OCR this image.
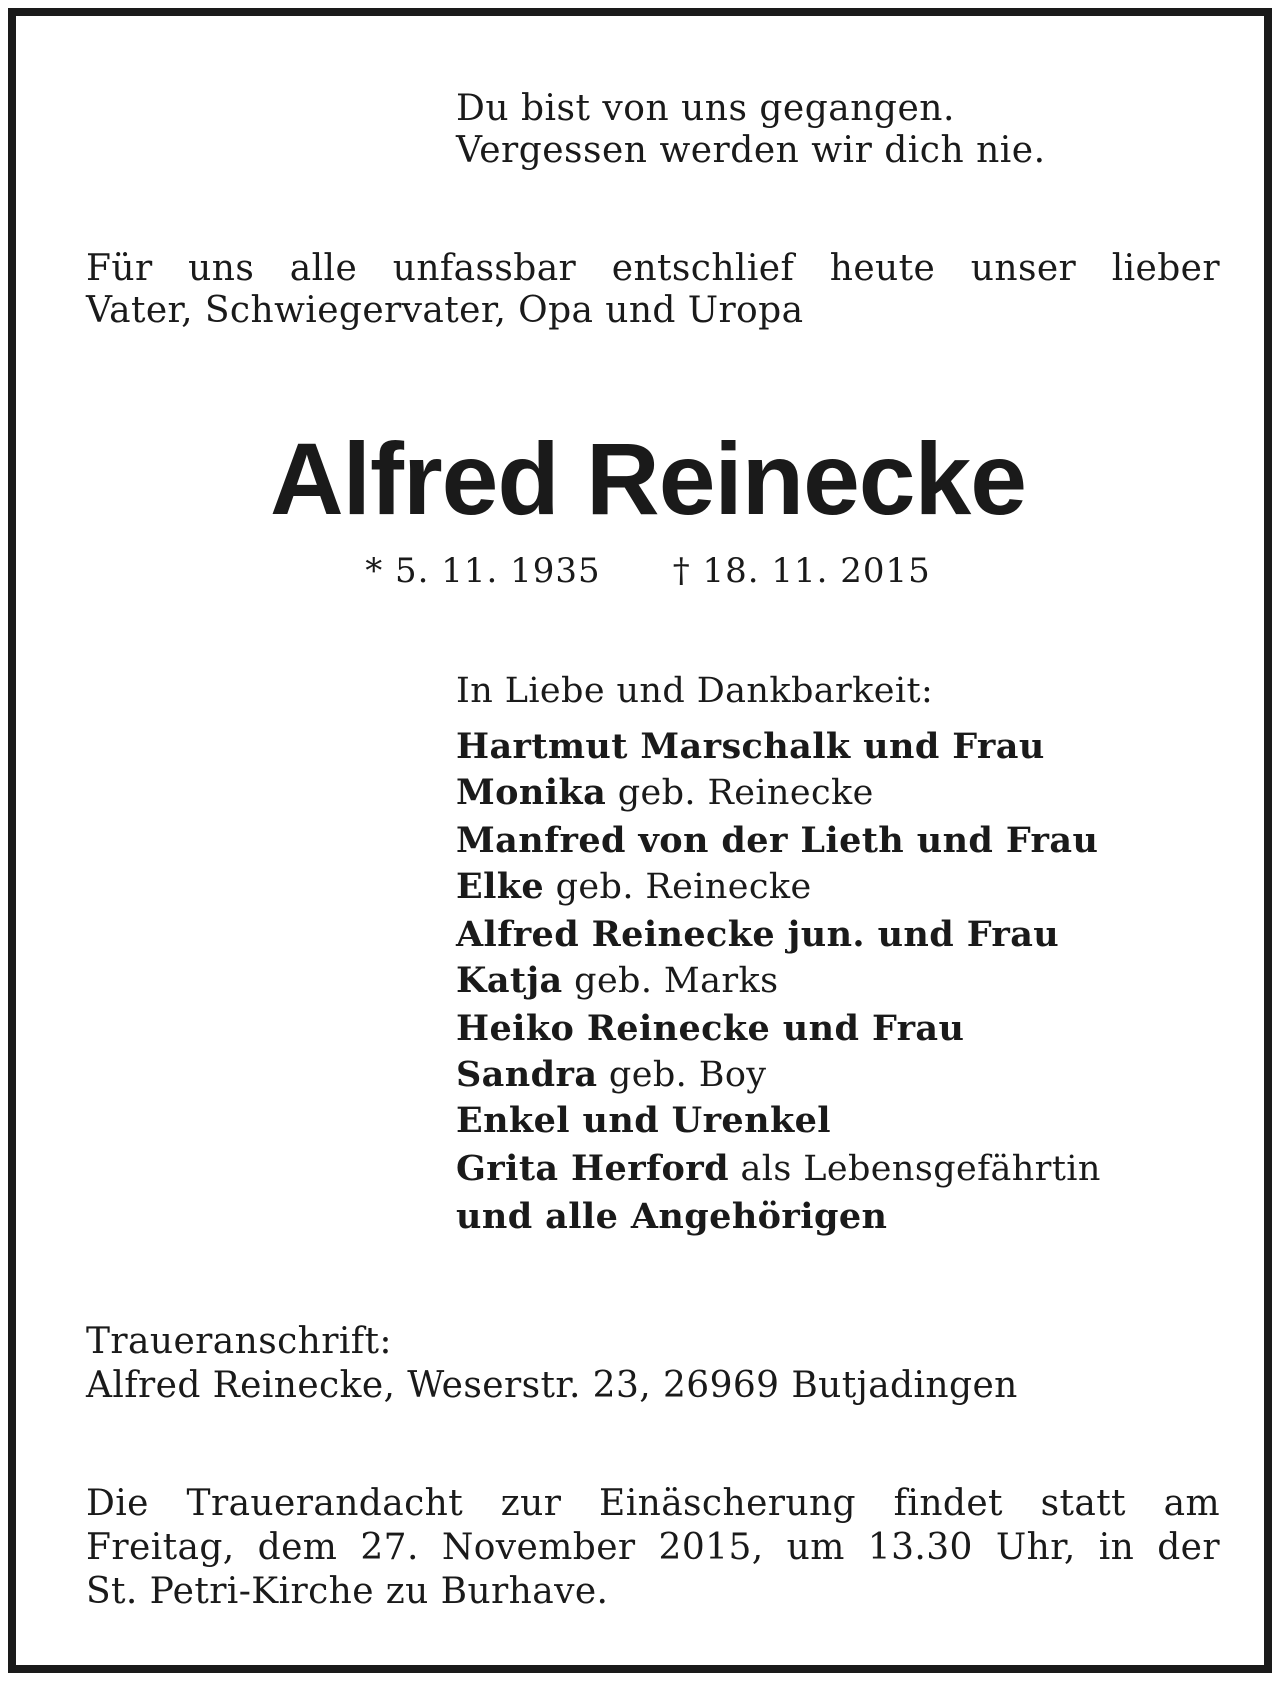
Du bist von uns gegangen.
Vergessen werden wir dich nie.
Für uns alle unfassbar entschlief heute unser lieber
Vater, Schwiegervater, Opa und Uropa
Alfred Reinecke
* 5. 11. 1935 † 18. 11. 2015
In Liebe und Dankbarkeit:
Hartmut Marschalk und Frau
Monika geb. Reinecke
Manfred von der Lieth und Frau
Elke geb. Reinecke
Alfred Reinecke jun. und Frau
Katja geb. Marks
Heiko Reinecke und Frau
Sandra geb. Boy
Enkel und Urenkel
Grita Herford als Lebensgefährtin
und alle Angehörigen
Traueranschrift:
Alfred Reinecke, Weserstr. 23, 26969 Butjadingen
Die Trauerandacht zur Einäscherung findet statt am
Freitag, dem 27. November 2015, um 13.30 Uhr, in der
St. Petri-Kirche zu Burhave.
